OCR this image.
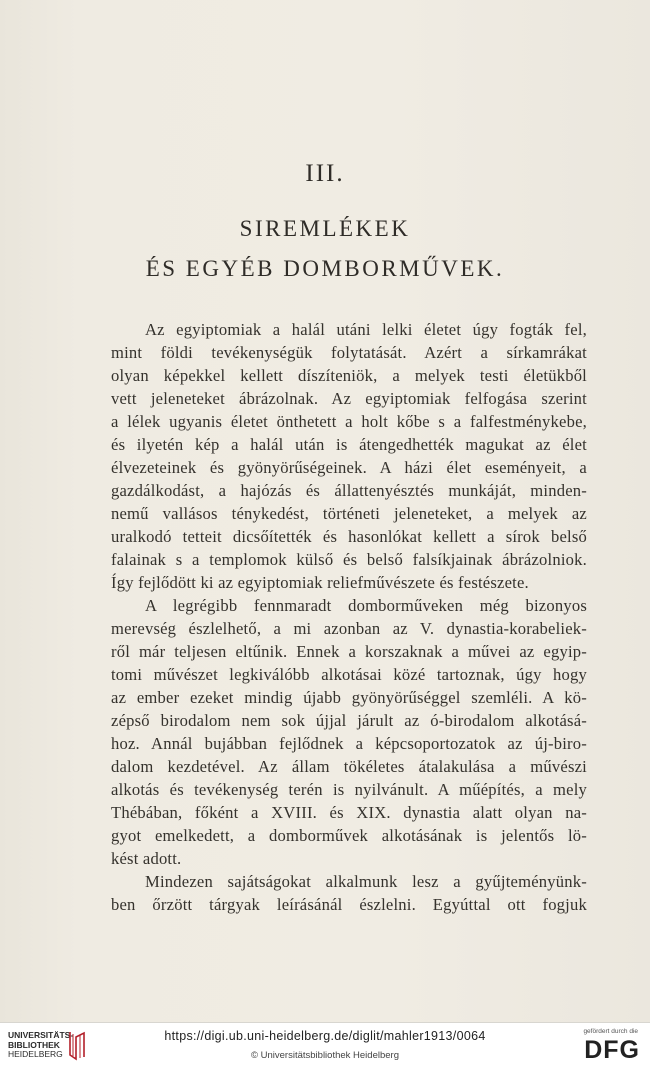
III.
SIREMLÉKEK
ÉS EGYÉB DOMBORMŰVEK.
Az egyiptomiak a halál utáni lelki életet úgy fogták fel,
mint földi tevékenységük folytatását. Azért a sírkamrákat
olyan képekkel kellett díszíteniök, a melyek testi életükből
vett jeleneteket ábrázolnak. Az egyiptomiak felfogása szerint
a lélek ugyanis életet önthetett a holt kőbe s a falfestménykebe,
és ilyetén kép a halál után is átengedhették magukat az élet
élvezeteinek és gyönyörűségeinek. A házi élet eseményeit, a
gazdálkodást, a hajózás és állattenyésztés munkáját, minden-
nemű vallásos ténykedést, történeti jeleneteket, a melyek az
uralkodó tetteit dicsőítették és hasonlókat kellett a sírok belső
falainak s a templomok külső és belső falsíkjainak ábrázolniok.
Így fejlődött ki az egyiptomiak reliefművészete és festészete.
A legrégibb fennmaradt domborműveken még bizonyos
merevség észlelhető, a mi azonban az V. dynastia-korabeliek-
ről már teljesen eltűnik. Ennek a korszaknak a művei az egyip-
tomi művészet legkiválóbb alkotásai közé tartoznak, úgy hogy
az ember ezeket mindig újabb gyönyörűséggel szemléli. A kö-
zépső birodalom nem sok újjal járult az ó-birodalom alkotásá-
hoz. Annál bujábban fejlődnek a képcsoportozatok az új-biro-
dalom kezdetével. Az állam tökéletes átalakulása a művészi
alkotás és tevékenység terén is nyilvánult. A műépítés, a mely
Thébában, főként a XVIII. és XIX. dynastia alatt olyan na-
gyot emelkedett, a domborművek alkotásának is jelentős lö-
kést adott.
Mindezen sajátságokat alkalmunk lesz a gyűjteményünk-
ben őrzött tárgyak leírásánál észlelni. Egyúttal ott fogjuk
UNIVERSITÄTS-
BIBLIOTHEK
HEIDELBERG
https://digi.ub.uni-heidelberg.de/diglit/mahler1913/0064
© Universitätsbibliothek Heidelberg
gefördert durch die
DFG
